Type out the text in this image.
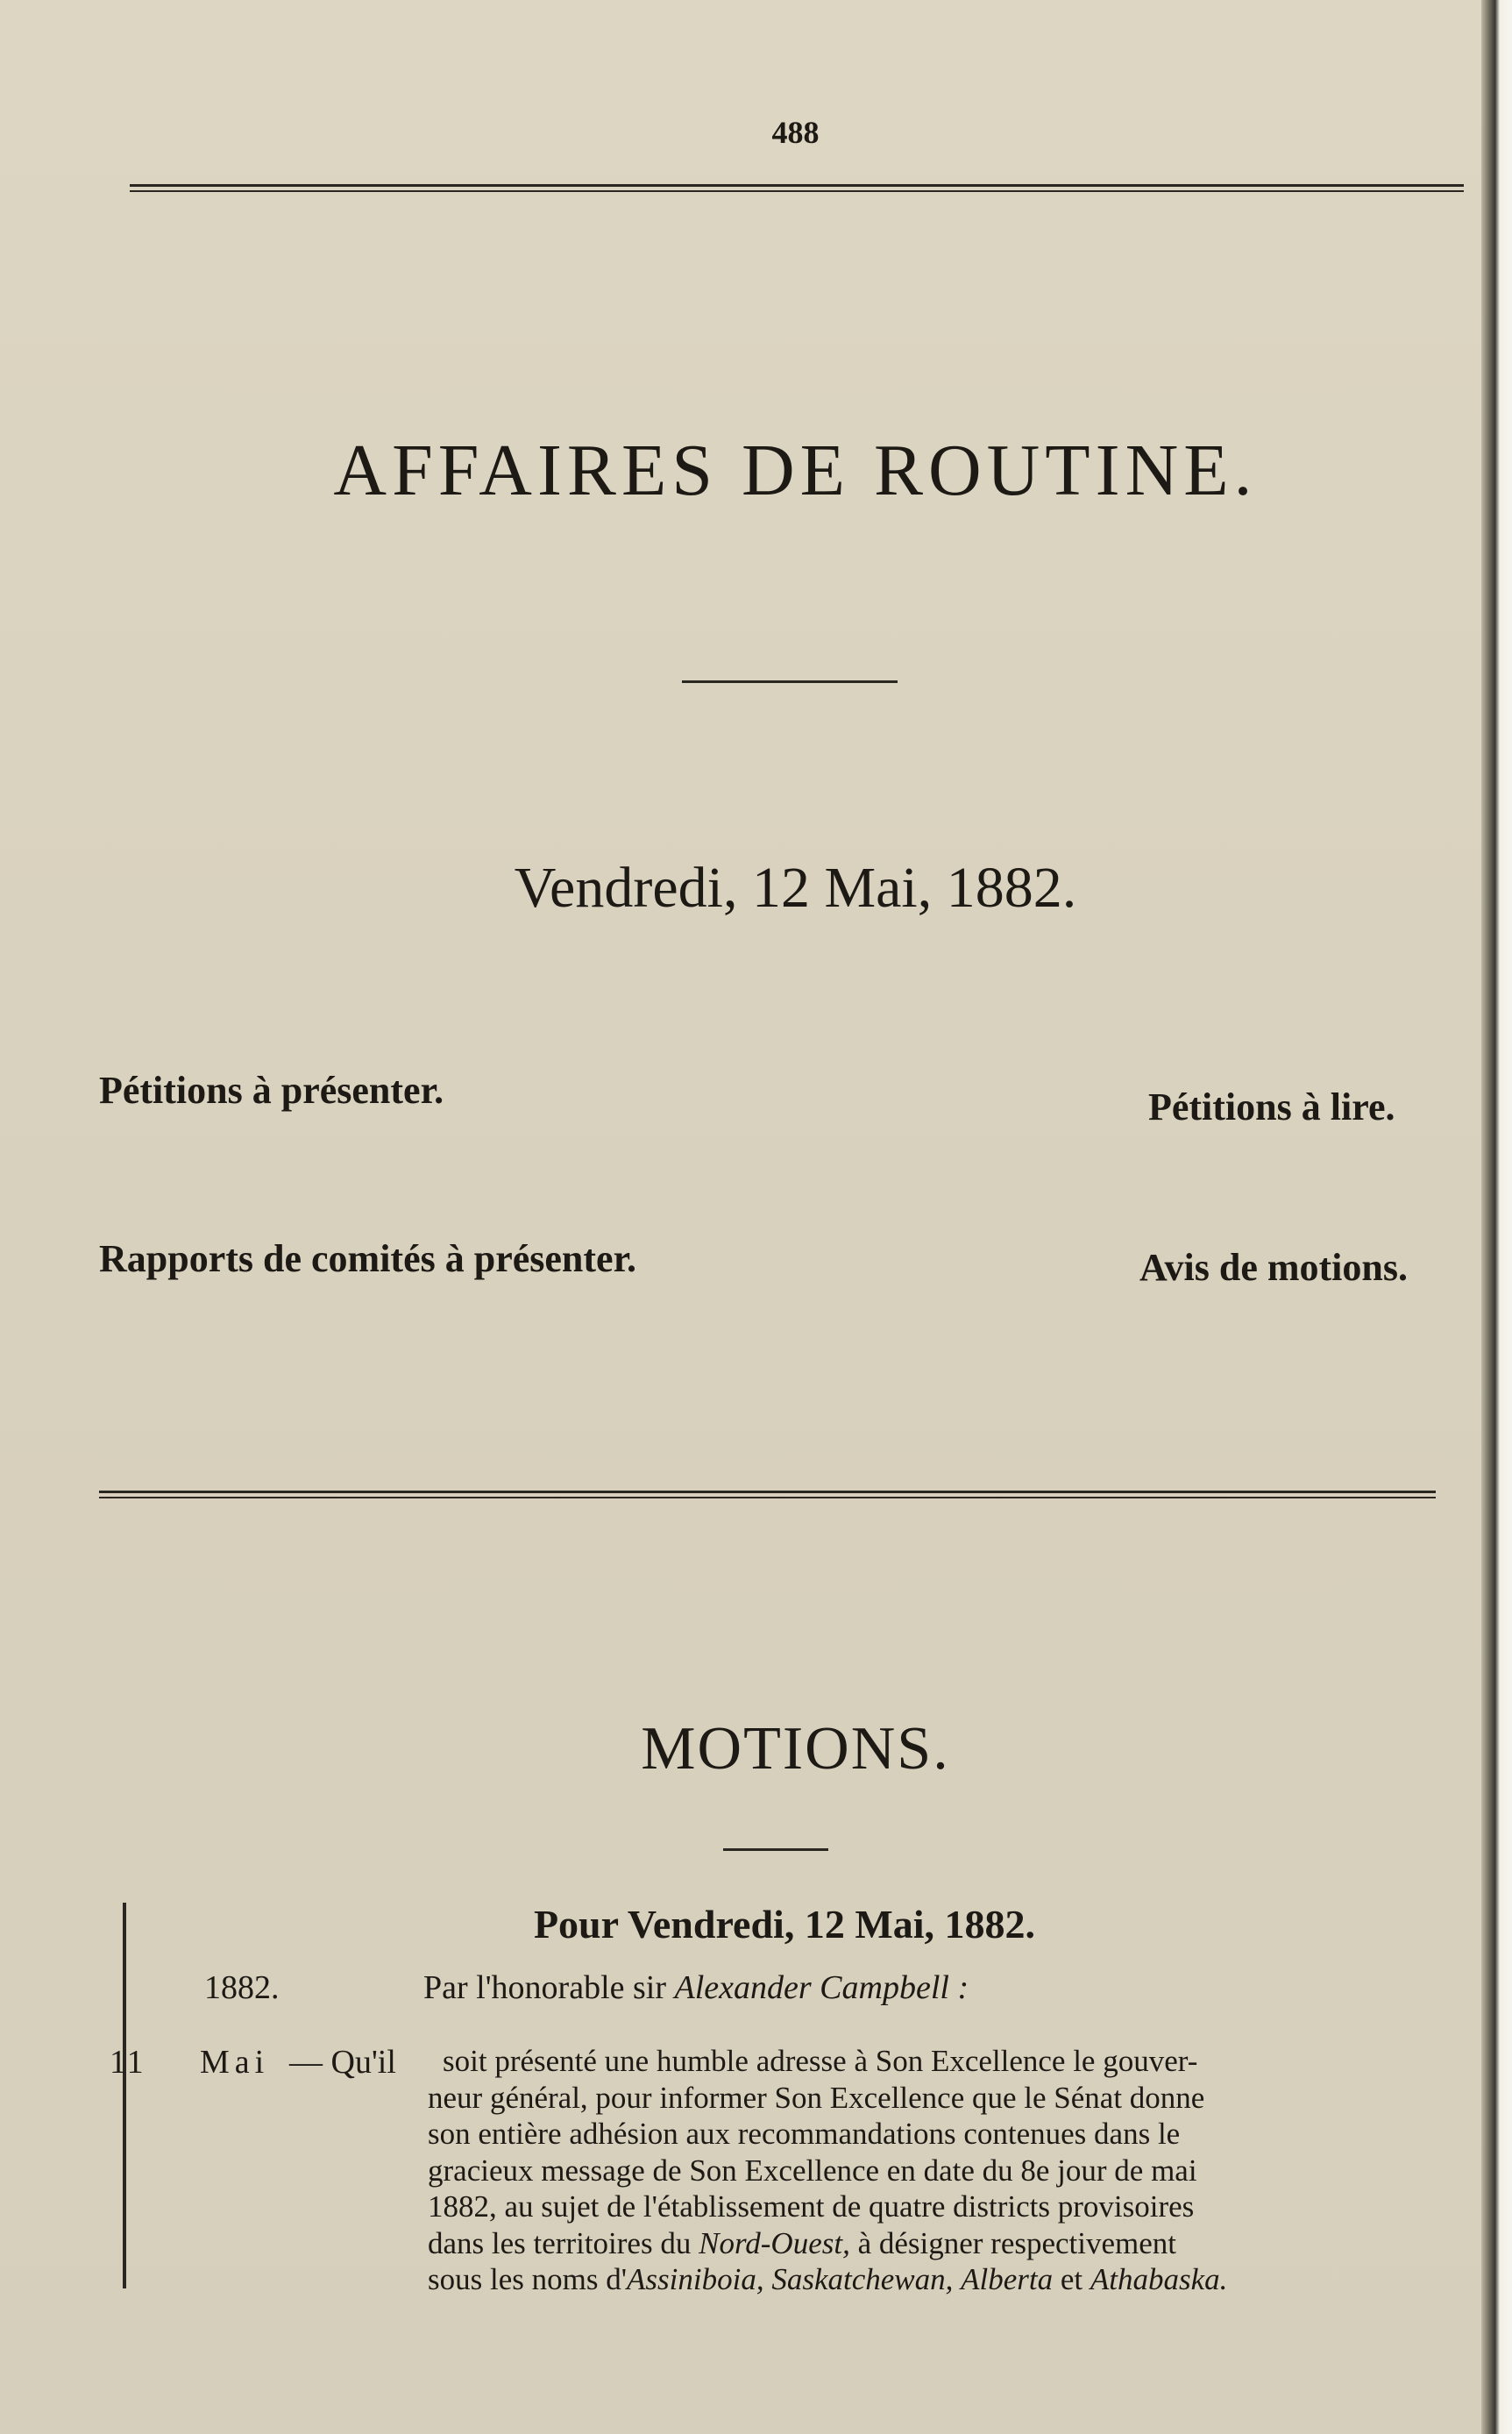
488
AFFAIRES DE ROUTINE.
Vendredi, 12 Mai, 1882.
Pétitions à présenter.	Pétitions à lire.
Rapports de comités à présenter.	Avis de motions.
MOTIONS.
Pour Vendredi, 12 Mai, 1882.
1882.	Par l'honorable sir Alexander Campbell :
11 Mai — Qu'il	soit présenté une humble adresse à Son Excellence le gouver-
neur général, pour informer Son Excellence que le Sénat donne
son entière adhésion aux recommandations contenues dans le
gracieux message de Son Excellence en date du 8e jour de mai
1882, au sujet de l'établissement de quatre districts provisoires
dans les territoires du Nord-Ouest, à désigner respectivement
sous les noms d'Assiniboia, Saskatchewan, Alberta et Athabaska.
